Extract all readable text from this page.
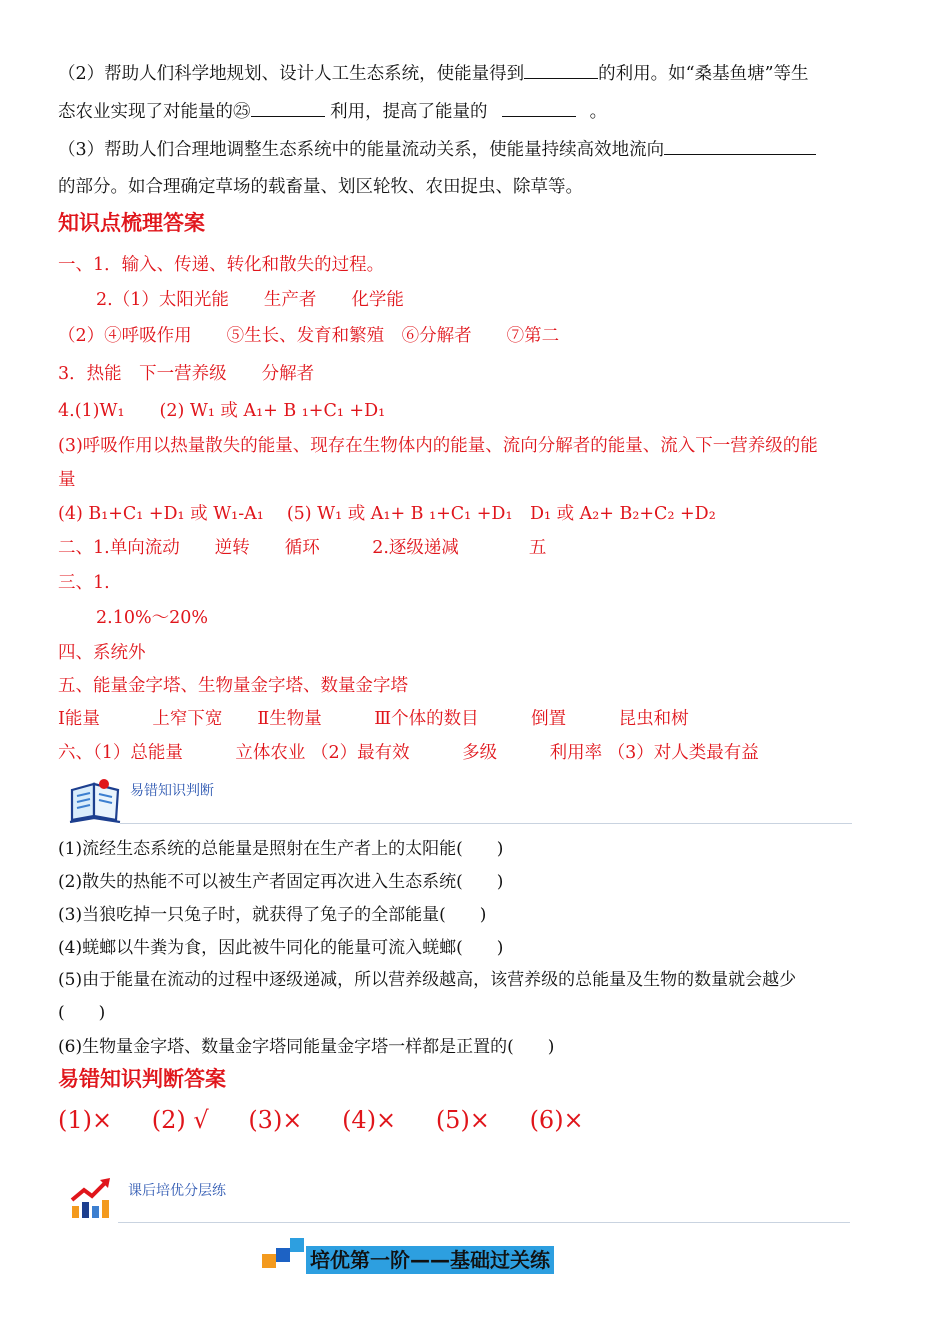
（2）帮助人们科学地规划、设计人工生态系统，使能量得到	的利用。如“桑基鱼塘”等生
态农业实现了对能量的㉕	利用，提高了能量的	。
（3）帮助人们合理地调整生态系统中的能量流动关系，使能量持续高效地流向
的部分。如合理确定草场的载畜量、划区轮牧、农田捉虫、除草等。
知识点梳理答案
一、1．输入、传递、转化和散失的过程。
2.（1）太阳光能　　生产者　　化学能
（2）④呼吸作用　　⑤生长、发育和繁殖　⑥分解者　　⑦第二
3．热能　下一营养级　　分解者
4.(1)W₁　　(2) W₁ 或 A₁+ B ₁+C₁ +D₁
(3)呼吸作用以热量散失的能量、现存在生物体内的能量、流向分解者的能量、流入下一营养级的能
量
(4) B₁+C₁ +D₁ 或 W₁-A₁　 (5) W₁ 或 A₁+ B ₁+C₁ +D₁　D₁ 或 A₂+ B₂+C₂ +D₂
二、1.单向流动　　逆转　　循环　　　2.逐级递减　　　　五
三、1.
2.10%～20%
四、系统外
五、能量金字塔、生物量金字塔、数量金字塔
Ⅰ能量　　　上窄下宽　　Ⅱ生物量　　　Ⅲ个体的数目　　　倒置　　　昆虫和树
六、（1）总能量　　　立体农业 （2）最有效　　　多级　　　利用率 （3）对人类最有益
易错知识判断
(1)流经生态系统的总能量是照射在生产者上的太阳能(　　)
(2)散失的热能不可以被生产者固定再次进入生态系统(　　)
(3)当狼吃掉一只兔子时，就获得了兔子的全部能量(　　)
(4)蜣螂以牛粪为食，因此被牛同化的能量可流入蜣螂(　　)
(5)由于能量在流动的过程中逐级递减，所以营养级越高，该营养级的总能量及生物的数量就会越少
(　　)
(6)生物量金字塔、数量金字塔同能量金字塔一样都是正置的(　　)
易错知识判断答案
(1)× (2) √ (3)× (4)× (5)× (6)×
课后培优分层练
培优第一阶——基础过关练
